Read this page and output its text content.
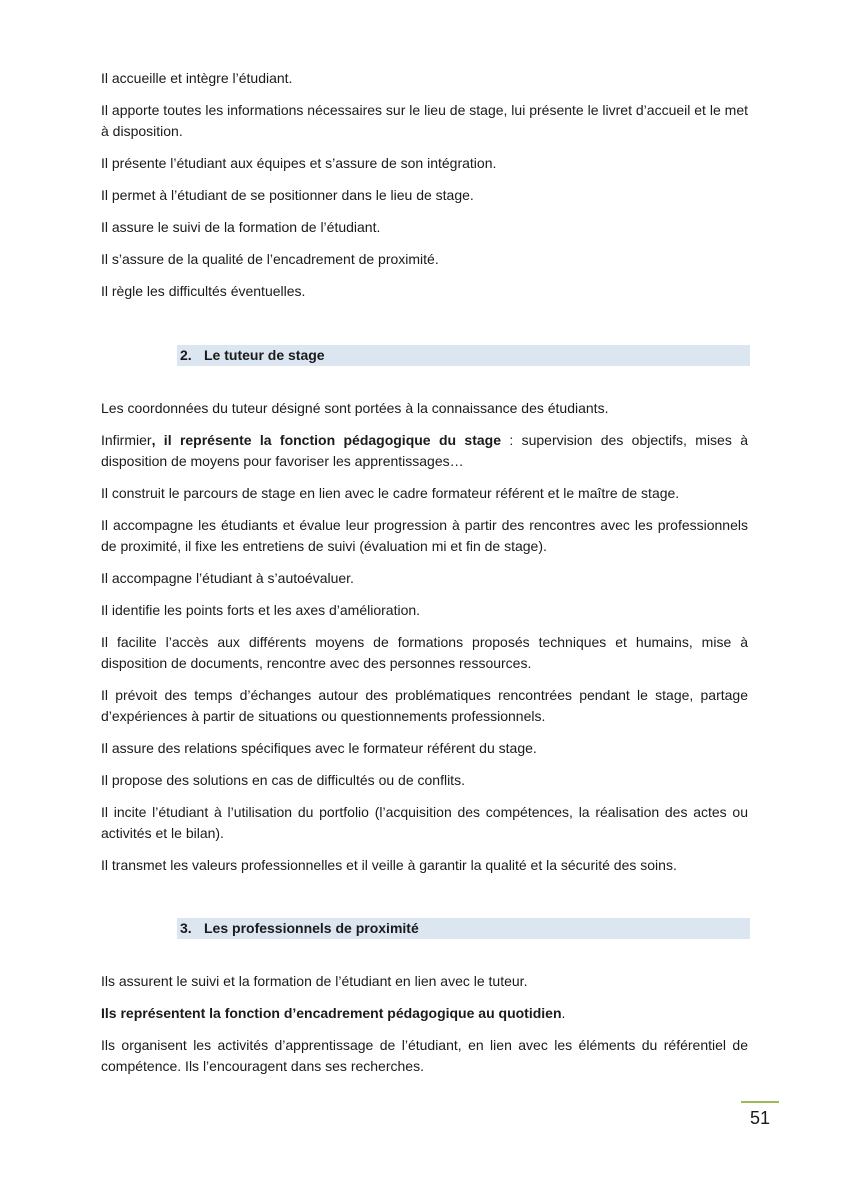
Il accueille et intègre l’étudiant.

Il apporte toutes les informations nécessaires sur le lieu de stage, lui présente le livret d’accueil et le met à disposition.

Il présente l’étudiant aux équipes et s’assure de son intégration.

Il permet à l’étudiant de se positionner dans le lieu de stage.

Il assure le suivi de la formation de l’étudiant.

Il s’assure de la qualité de l’encadrement de proximité.

Il règle les difficultés éventuelles.

2. Le tuteur de stage

Les coordonnées du tuteur désigné sont portées à la connaissance des étudiants.

Infirmier, il représente la fonction pédagogique du stage : supervision des objectifs, mises à disposition de moyens pour favoriser les apprentissages…

Il construit le parcours de stage en lien avec le cadre formateur référent et le maître de stage.

Il accompagne les étudiants et évalue leur progression à partir des rencontres avec les professionnels de proximité, il fixe les entretiens de suivi (évaluation mi et fin de stage).

Il accompagne l’étudiant à s’autoévaluer.

Il identifie les points forts et les axes d’amélioration.

Il facilite l’accès aux différents moyens de formations proposés techniques et humains, mise à disposition de documents, rencontre avec des personnes ressources.

Il prévoit des temps d’échanges autour des problématiques rencontrées pendant le stage, partage d’expériences à partir de situations ou questionnements professionnels.

Il assure des relations spécifiques avec le formateur référent du stage.

Il propose des solutions en cas de difficultés ou de conflits.

Il incite l’étudiant à l’utilisation du portfolio (l’acquisition des compétences, la réalisation des actes ou activités et le bilan).

Il transmet les valeurs professionnelles et il veille à garantir la qualité et la sécurité des soins.

3. Les professionnels de proximité

Ils assurent le suivi et la formation de l’étudiant en lien avec le tuteur.

Ils représentent la fonction d’encadrement pédagogique au quotidien.

Ils organisent les activités d’apprentissage de l’étudiant, en lien avec les éléments du référentiel de compétence. Ils l’encouragent dans ses recherches.

51
